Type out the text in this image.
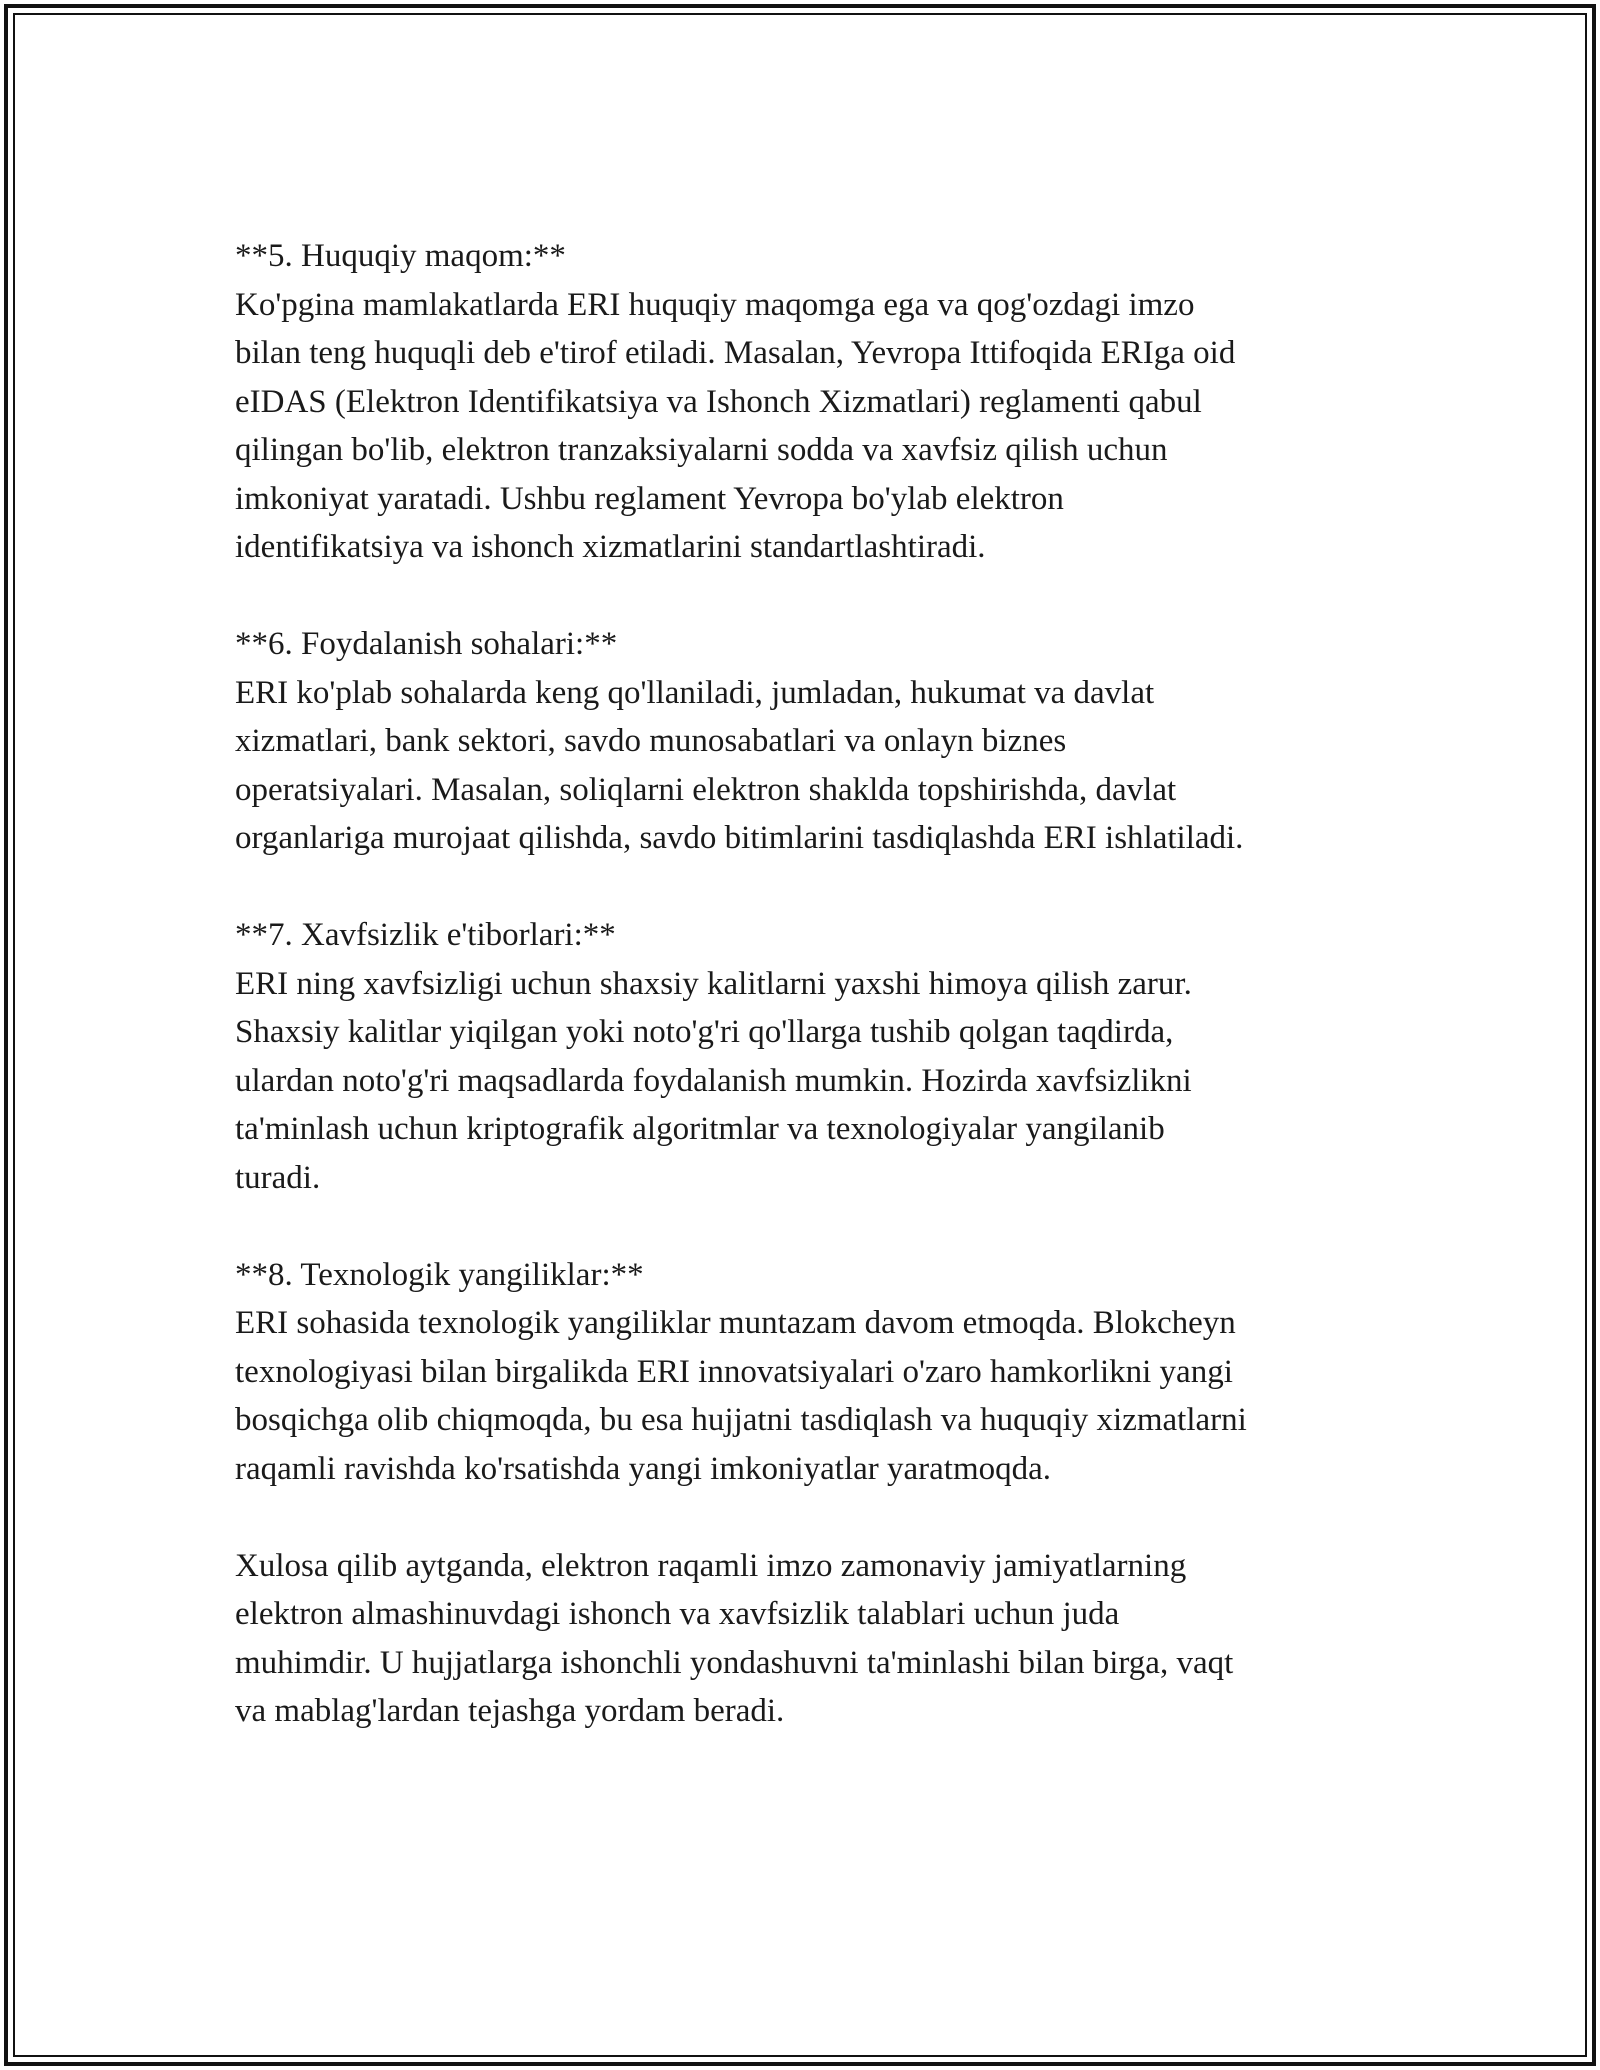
**5. Huquqiy maqom:**
Ko'pgina mamlakatlarda ERI huquqiy maqomga ega va qog'ozdagi imzo
bilan teng huquqli deb e'tirof etiladi. Masalan, Yevropa Ittifoqida ERIga oid
eIDAS (Elektron Identifikatsiya va Ishonch Xizmatlari) reglamenti qabul
qilingan bo'lib, elektron tranzaksiyalarni sodda va xavfsiz qilish uchun
imkoniyat yaratadi. Ushbu reglament Yevropa bo'ylab elektron
identifikatsiya va ishonch xizmatlarini standartlashtiradi.
**6. Foydalanish sohalari:**
ERI ko'plab sohalarda keng qo'llaniladi, jumladan, hukumat va davlat
xizmatlari, bank sektori, savdo munosabatlari va onlayn biznes
operatsiyalari. Masalan, soliqlarni elektron shaklda topshirishda, davlat
organlariga murojaat qilishda, savdo bitimlarini tasdiqlashda ERI ishlatiladi.
**7. Xavfsizlik e'tiborlari:**
ERI ning xavfsizligi uchun shaxsiy kalitlarni yaxshi himoya qilish zarur.
Shaxsiy kalitlar yiqilgan yoki noto'g'ri qo'llarga tushib qolgan taqdirda,
ulardan noto'g'ri maqsadlarda foydalanish mumkin. Hozirda xavfsizlikni
ta'minlash uchun kriptografik algoritmlar va texnologiyalar yangilanib
turadi.
**8. Texnologik yangiliklar:**
ERI sohasida texnologik yangiliklar muntazam davom etmoqda. Blokcheyn
texnologiyasi bilan birgalikda ERI innovatsiyalari o'zaro hamkorlikni yangi
bosqichga olib chiqmoqda, bu esa hujjatni tasdiqlash va huquqiy xizmatlarni
raqamli ravishda ko'rsatishda yangi imkoniyatlar yaratmoqda.
Xulosa qilib aytganda, elektron raqamli imzo zamonaviy jamiyatlarning
elektron almashinuvdagi ishonch va xavfsizlik talablari uchun juda
muhimdir. U hujjatlarga ishonchli yondashuvni ta'minlashi bilan birga, vaqt
va mablag'lardan tejashga yordam beradi.
